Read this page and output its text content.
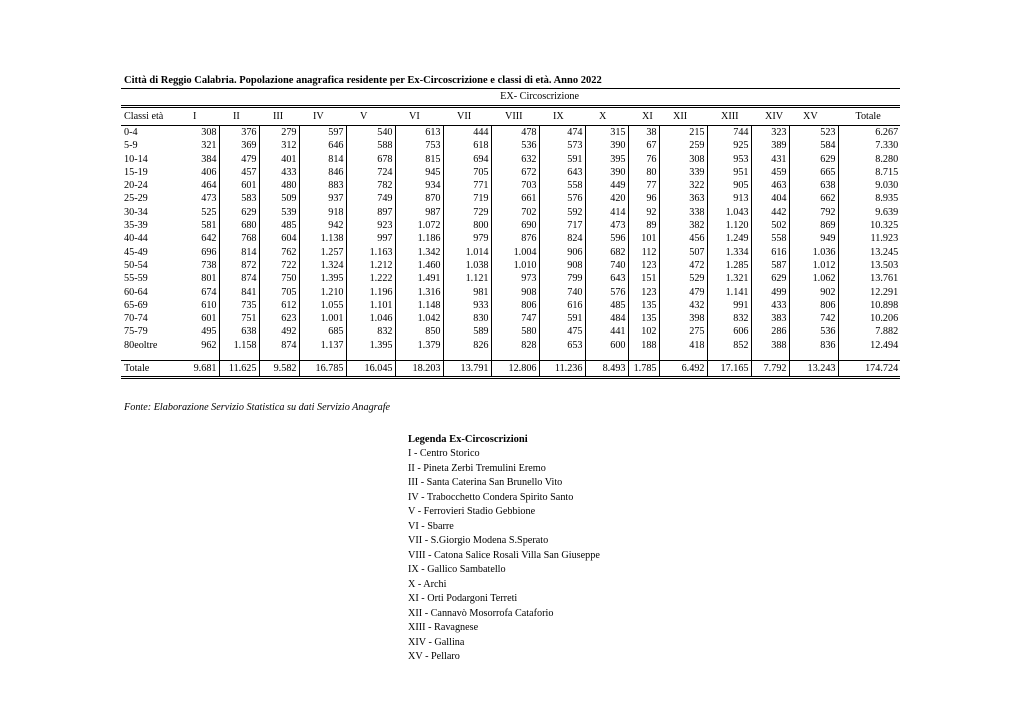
Città di Reggio Calabria. Popolazione anagrafica residente per Ex-Circoscrizione e classi di età. Anno 2022
	EX- Circoscrizione															
Classi età	I	II	III	IV	V	VI	VII	VIII	IX	X	XI	XII	XIII	XIV	XV	Totale
0-4	308	376	279	597	540	613	444	478	474	315	38	215	744	323	523	6.267
5-9	321	369	312	646	588	753	618	536	573	390	67	259	925	389	584	7.330
10-14	384	479	401	814	678	815	694	632	591	395	76	308	953	431	629	8.280
15-19	406	457	433	846	724	945	705	672	643	390	80	339	951	459	665	8.715
20-24	464	601	480	883	782	934	771	703	558	449	77	322	905	463	638	9.030
25-29	473	583	509	937	749	870	719	661	576	420	96	363	913	404	662	8.935
30-34	525	629	539	918	897	987	729	702	592	414	92	338	1.043	442	792	9.639
35-39	581	680	485	942	923	1.072	800	690	717	473	89	382	1.120	502	869	10.325
40-44	642	768	604	1.138	997	1.186	979	876	824	596	101	456	1.249	558	949	11.923
45-49	696	814	762	1.257	1.163	1.342	1.014	1.004	906	682	112	507	1.334	616	1.036	13.245
50-54	738	872	722	1.324	1.212	1.460	1.038	1.010	908	740	123	472	1.285	587	1.012	13.503
55-59	801	874	750	1.395	1.222	1.491	1.121	973	799	643	151	529	1.321	629	1.062	13.761
60-64	674	841	705	1.210	1.196	1.316	981	908	740	576	123	479	1.141	499	902	12.291
65-69	610	735	612	1.055	1.101	1.148	933	806	616	485	135	432	991	433	806	10.898
70-74	601	751	623	1.001	1.046	1.042	830	747	591	484	135	398	832	383	742	10.206
75-79	495	638	492	685	832	850	589	580	475	441	102	275	606	286	536	7.882
80eoltre	962	1.158	874	1.137	1.395	1.379	826	828	653	600	188	418	852	388	836	12.494

Totale	9.681	11.625	9.582	16.785	16.045	18.203	13.791	12.806	11.236	8.493	1.785	6.492	17.165	7.792	13.243	174.724
Fonte: Elaborazione Servizio Statistica su dati Servizio Anagrafe
Legenda Ex-Circoscrizioni
I - Centro Storico
II - Pineta Zerbi Tremulini Eremo
III - Santa Caterina San Brunello Vito
IV - Trabocchetto Condera Spirito Santo
V - Ferrovieri Stadio Gebbione
VI - Sbarre
VII - S.Giorgio Modena S.Sperato
VIII - Catona Salice Rosalì Villa San Giuseppe
IX - Gallico Sambatello
X - Archi
XI - Orti Podargoni Terreti
XII - Cannavò Mosorrofa Cataforio
XIII - Ravagnese
XIV - Gallina
XV - Pellaro
